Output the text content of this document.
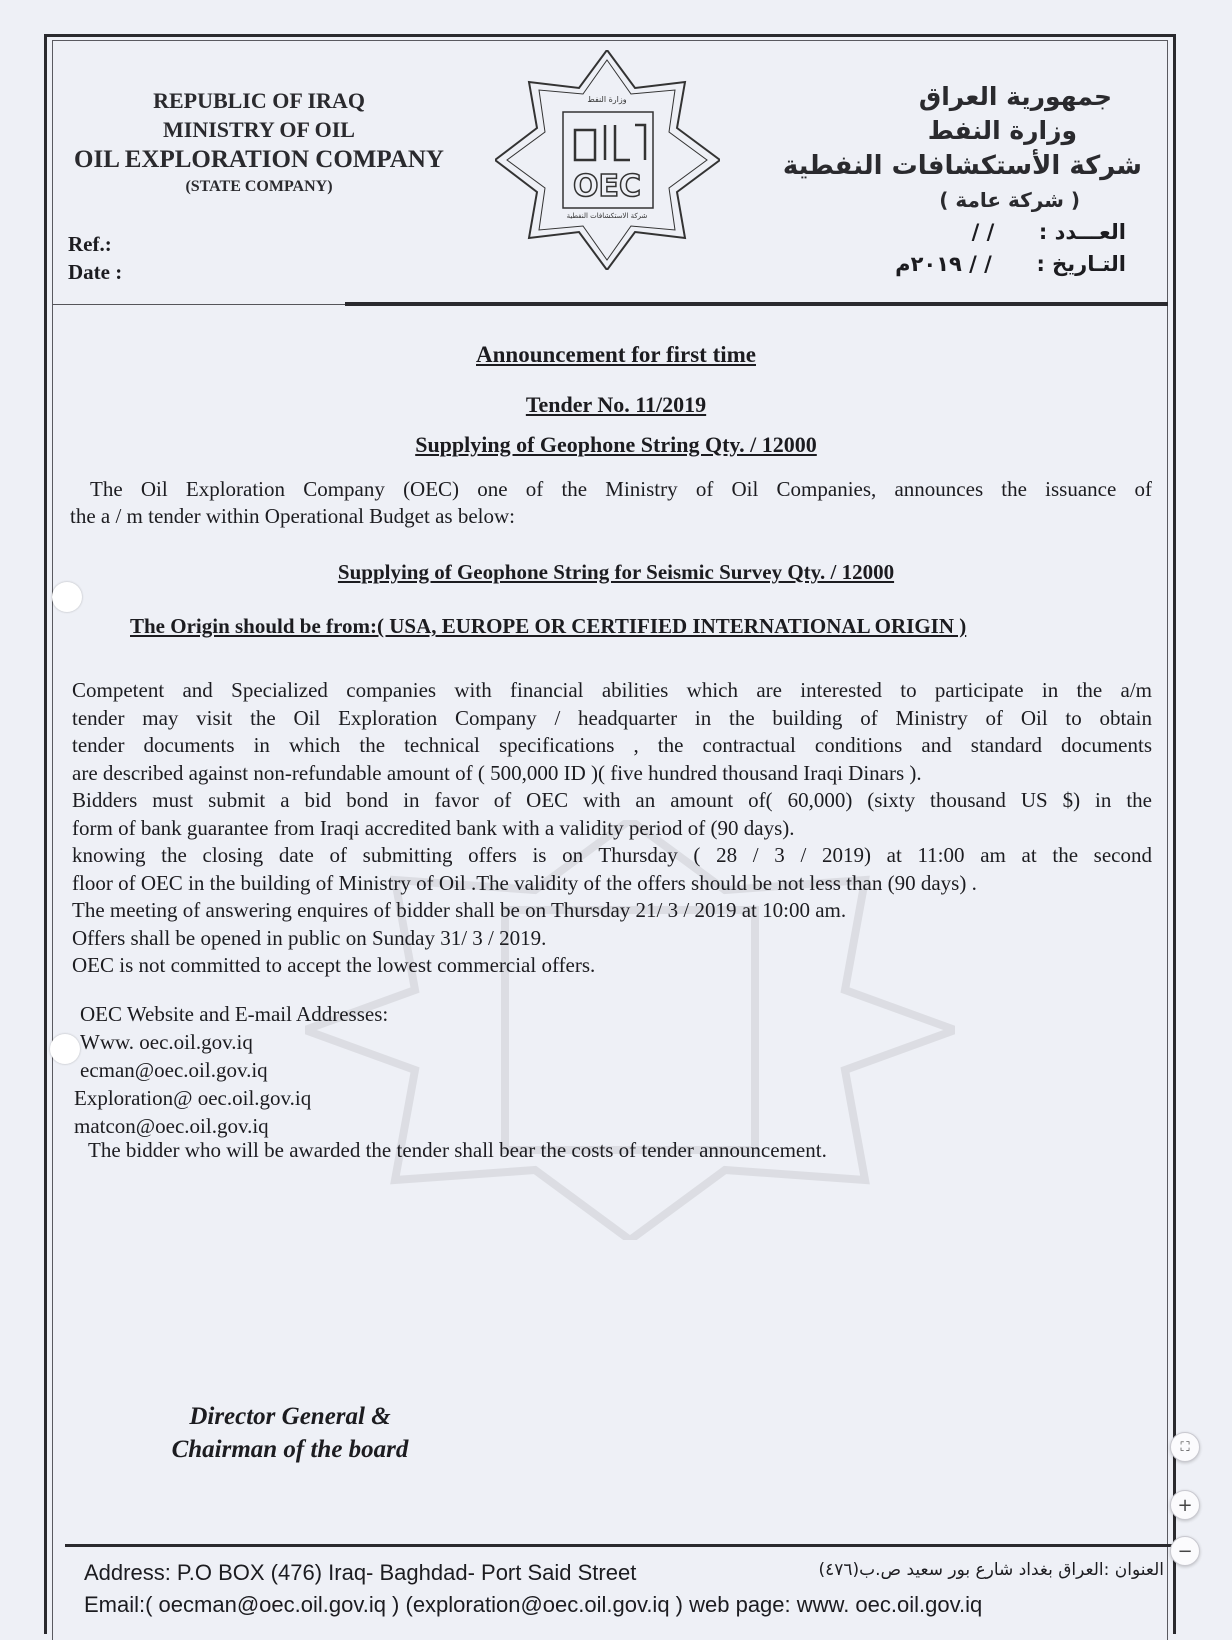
REPUBLIC OF IRAQ
MINISTRY OF OIL
OIL EXPLORATION COMPANY
(STATE COMPANY)
Ref.:
Date :
وزارة النفط
شركة الاستكشافات النفطية
OEC
جمهورية العراق
وزارة النفط
شركة الأستكشافات النفطية
( شركة عامة )
العـــدد :  / /
التـاريخ :  / / ٢٠١٩م
Announcement for first time
Tender No. 11/2019
Supplying of Geophone String Qty. / 12000
The Oil Exploration Company (OEC) one of the Ministry of Oil Companies, announces the issuance of
the a / m tender within Operational Budget as below:
Supplying of Geophone String for Seismic Survey Qty. / 12000
The Origin should be from:( USA, EUROPE OR CERTIFIED INTERNATIONAL ORIGIN )
Competent and Specialized companies with financial abilities which are interested to participate in the a/m
tender may visit the Oil Exploration Company / headquarter in the building of Ministry of Oil to obtain
tender documents in which the technical specifications , the contractual conditions and standard documents
are described against non-refundable amount of ( 500,000 ID )( five hundred thousand Iraqi Dinars ).
Bidders must submit a bid bond in favor of OEC with an amount of( 60,000) (sixty thousand US $) in the
form of bank guarantee from Iraqi accredited bank with a validity period of (90 days).
knowing the closing date of submitting offers is on Thursday ( 28 / 3 / 2019) at 11:00 am at the second
floor of OEC in the building of Ministry of Oil .The validity of the offers should be not less than (90 days) .
The meeting of answering enquires of bidder shall be on Thursday 21/ 3 / 2019 at 10:00 am.
Offers shall be opened in public on Sunday 31/ 3 / 2019.
OEC is not committed to accept the lowest commercial offers.
OEC Website and E-mail Addresses:
Www. oec.oil.gov.iq
ecman@oec.oil.gov.iq
Exploration@ oec.oil.gov.iq
matcon@oec.oil.gov.iq
The bidder who will be awarded the tender shall bear the costs of tender announcement.
Director General &
Chairman of the board
Address: P.O BOX (476) Iraq- Baghdad- Port Said Street	العنوان :العراق بغداد شارع بور سعيد ص.ب(٤٧٦)
Email:( oecman@oec.oil.gov.iq ) (exploration@oec.oil.gov.iq ) web page: www. oec.oil.gov.iq
⛶
+
−
